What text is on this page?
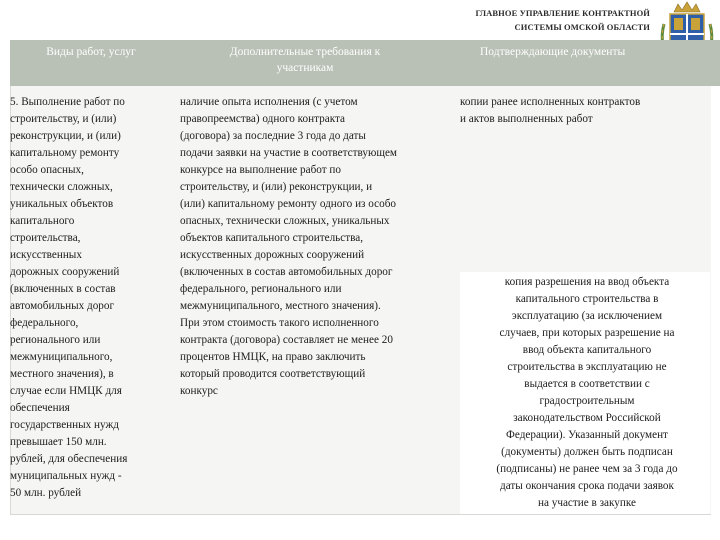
ГЛАВНОЕ УПРАВЛЕНИЕ КОНТРАКТНОЙ
СИСТЕМЫ ОМСКОЙ ОБЛАСТИ
Виды работ, услуг	Дополнительные требования к
участникам
Подтверждающие документы
5. Выполнение работ по
строительству, и (или)
реконструкции, и (или)
капитальному ремонту
особо опасных,
технически сложных,
уникальных объектов
капитального
строительства,
искусственных
дорожных сооружений
(включенных в состав
автомобильных дорог
федерального,
регионального или
межмуниципального,
местного значения), в
случае если НМЦК для
обеспечения
государственных нужд
превышает 150 млн.
рублей, для обеспечения
муниципальных нужд -
50 млн. рублей
наличие опыта исполнения (с учетом
правопреемства) одного контракта
(договора) за последние 3 года до даты
подачи заявки на участие в соответствующем
конкурсе на выполнение работ по
строительству, и (или) реконструкции, и
(или) капитальному ремонту одного из особо
опасных, технически сложных, уникальных
объектов капитального строительства,
искусственных дорожных сооружений
(включенных в состав автомобильных дорог
федерального, регионального или
межмуниципального, местного значения).
При этом стоимость такого исполненного
контракта (договора) составляет не менее 20
процентов НМЦК, на право заключить
который проводится соответствующий
конкурс
копии ранее исполненных контрактов
и актов выполненных работ
копия разрешения на ввод объекта
капитального строительства в
эксплуатацию (за исключением
случаев, при которых разрешение на
ввод объекта капитального
строительства в эксплуатацию не
выдается в соответствии с
градостроительным
законодательством Российской
Федерации). Указанный документ
(документы) должен быть подписан
(подписаны) не ранее чем за 3 года до
даты окончания срока подачи заявок
на участие в закупке
